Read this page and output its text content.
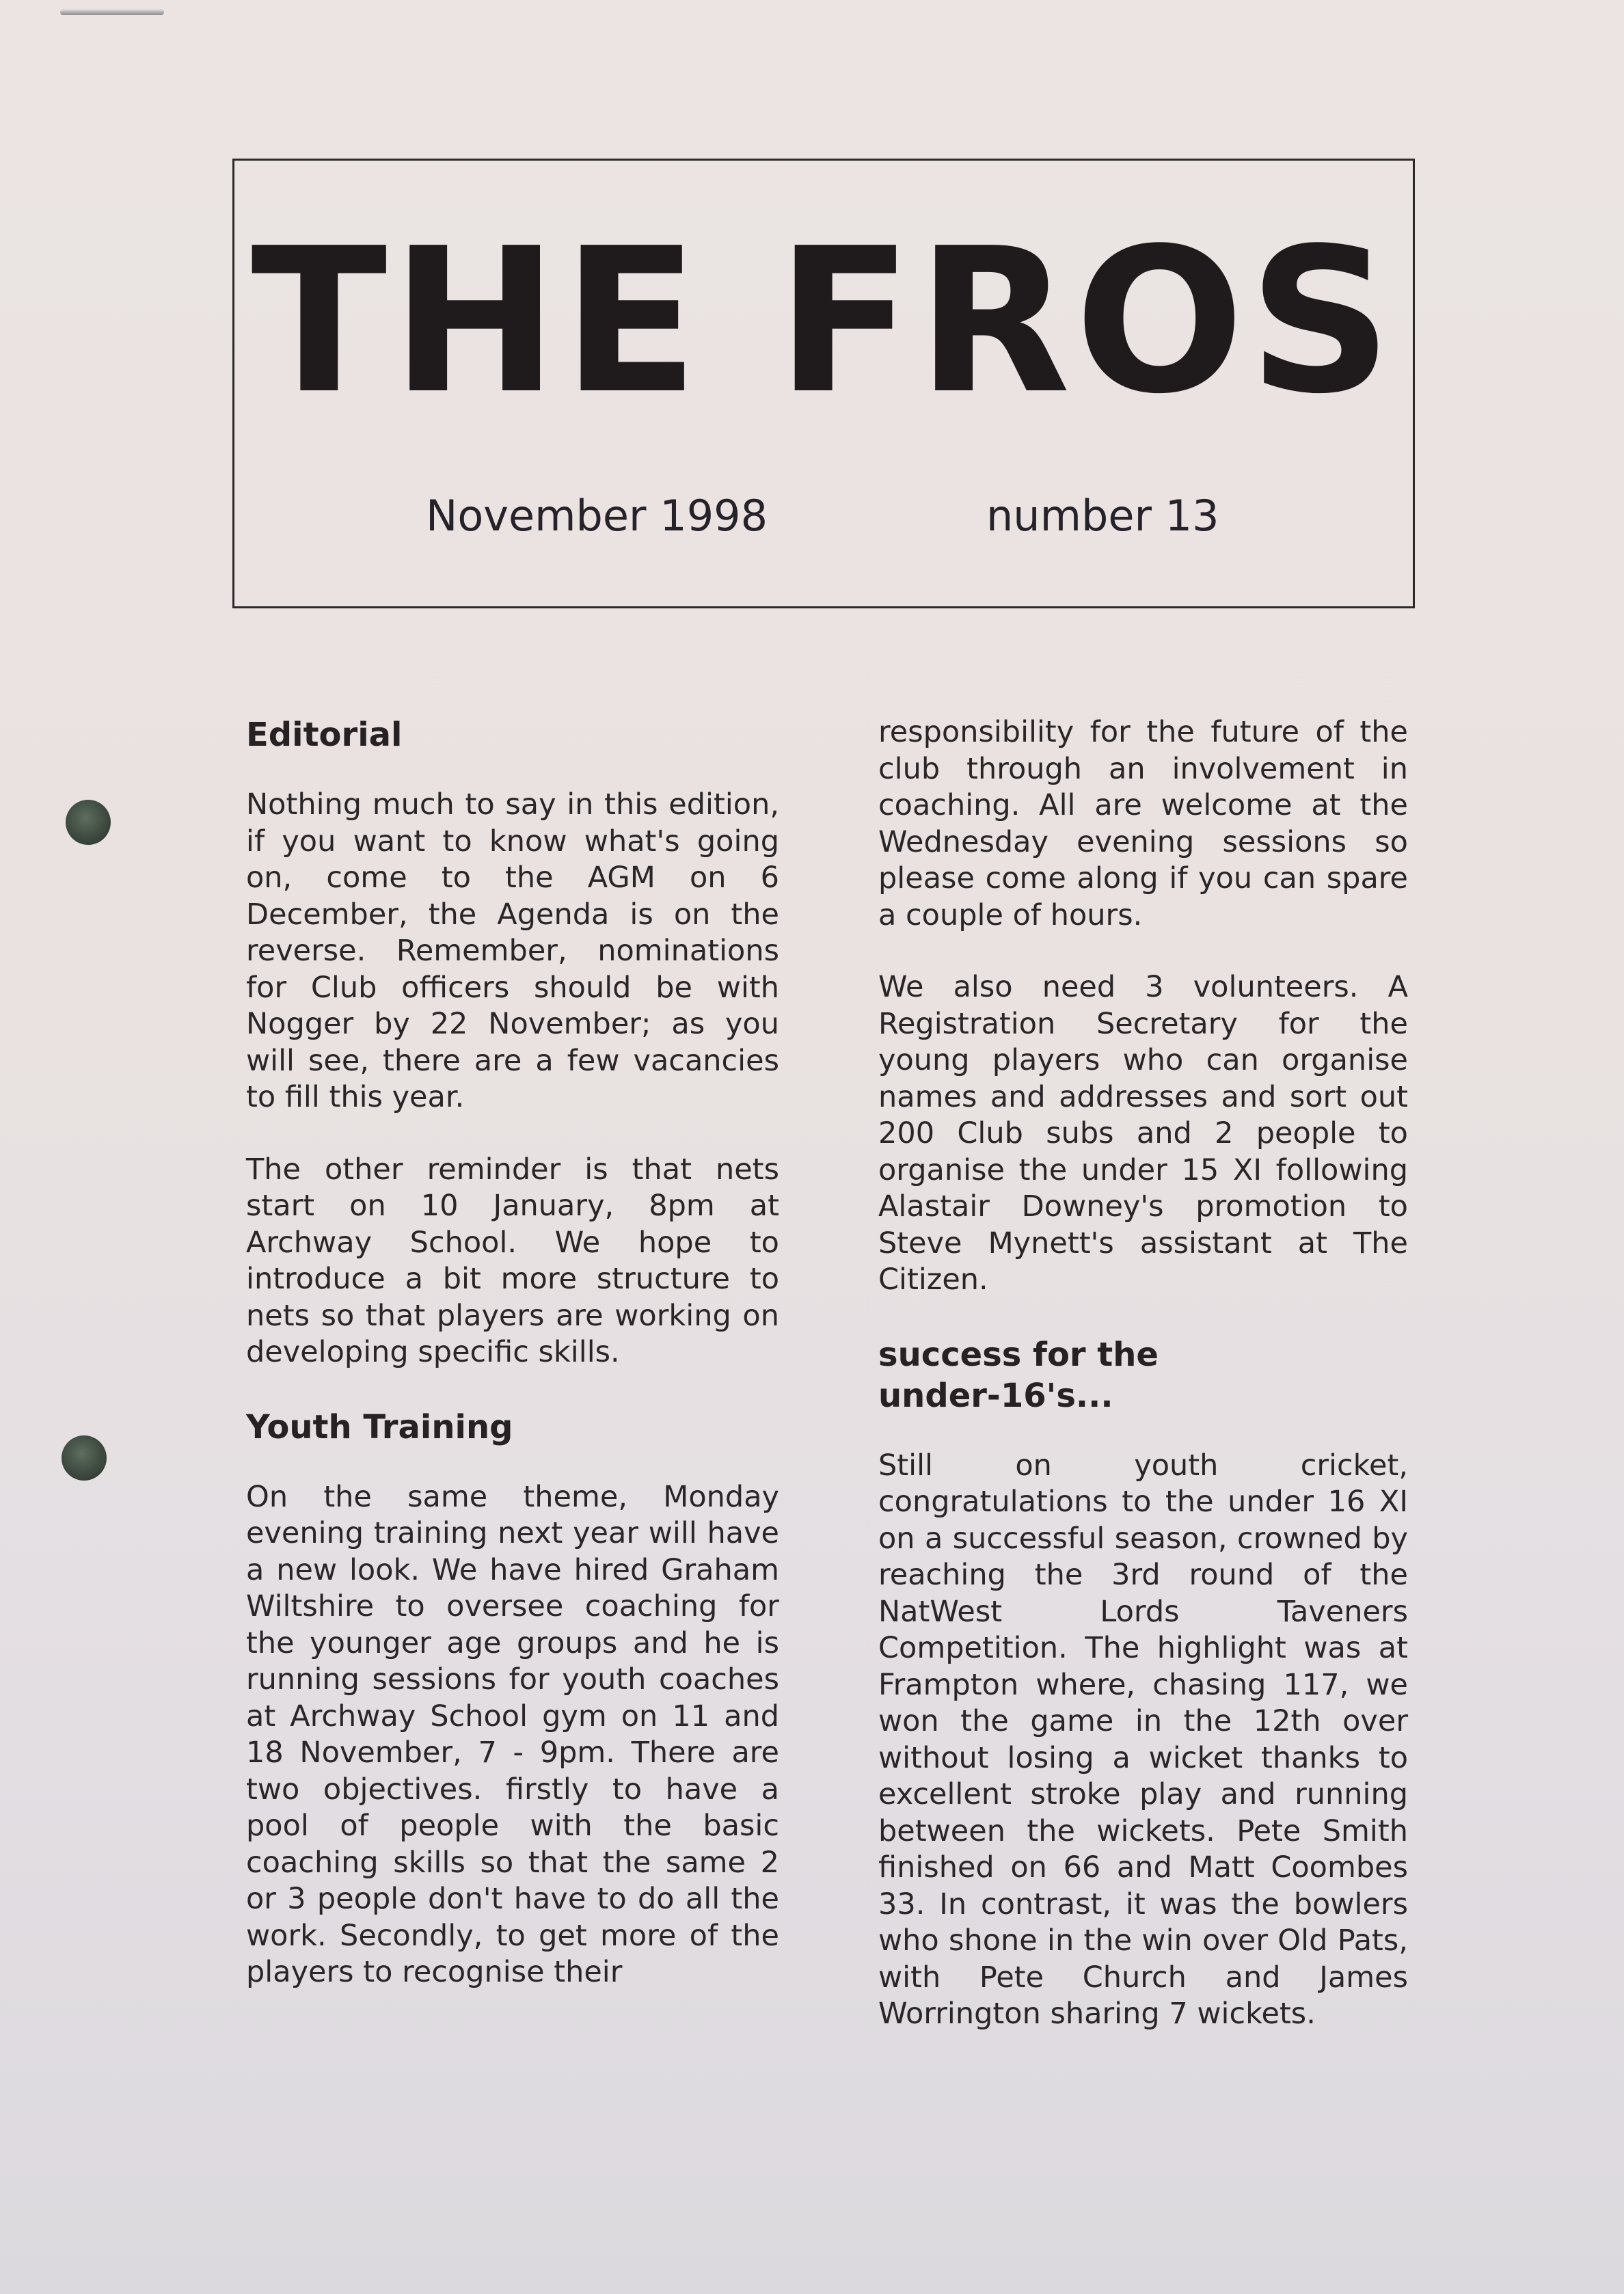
THE FROS
November 1998	number 13
Editorial

Nothing much to say in this edition, if you want to know what's going on, come to the AGM on 6 December, the Agenda is on the reverse. Remember, nominations for Club officers should be with Nogger by 22 November; as you will see, there are a few vacancies to fill this year.

The other reminder is that nets start on 10 January, 8pm at Archway School. We hope to introduce a bit more structure to nets so that players are working on developing specific skills.

Youth Training

On the same theme, Monday evening training next year will have a new look. We have hired Graham Wiltshire to oversee coaching for the younger age groups and he is running sessions for youth coaches at Archway School gym on 11 and 18 November, 7 - 9pm. There are two objectives. firstly to have a pool of people with the basic coaching skills so that the same 2 or 3 people don't have to do all the work. Secondly, to get more of the players to recognise their

responsibility for the future of the club through an involvement in coaching. All are welcome at the Wednesday evening sessions so please come along if you can spare a couple of hours.

We also need 3 volunteers. A Registration Secretary for the young players who can organise names and addresses and sort out 200 Club subs and 2 people to organise the under 15 XI following Alastair Downey's promotion to Steve Mynett's assistant at The Citizen.

success for the
under-16's...

Still on youth cricket, congratulations to the under 16 XI on a successful season, crowned by reaching the 3rd round of the NatWest Lords Taveners Competition. The highlight was at Frampton where, chasing 117, we won the game in the 12th over without losing a wicket thanks to excellent stroke play and running between the wickets. Pete Smith finished on 66 and Matt Coombes 33. In contrast, it was the bowlers who shone in the win over Old Pats, with Pete Church and James Worrington sharing 7 wickets.
